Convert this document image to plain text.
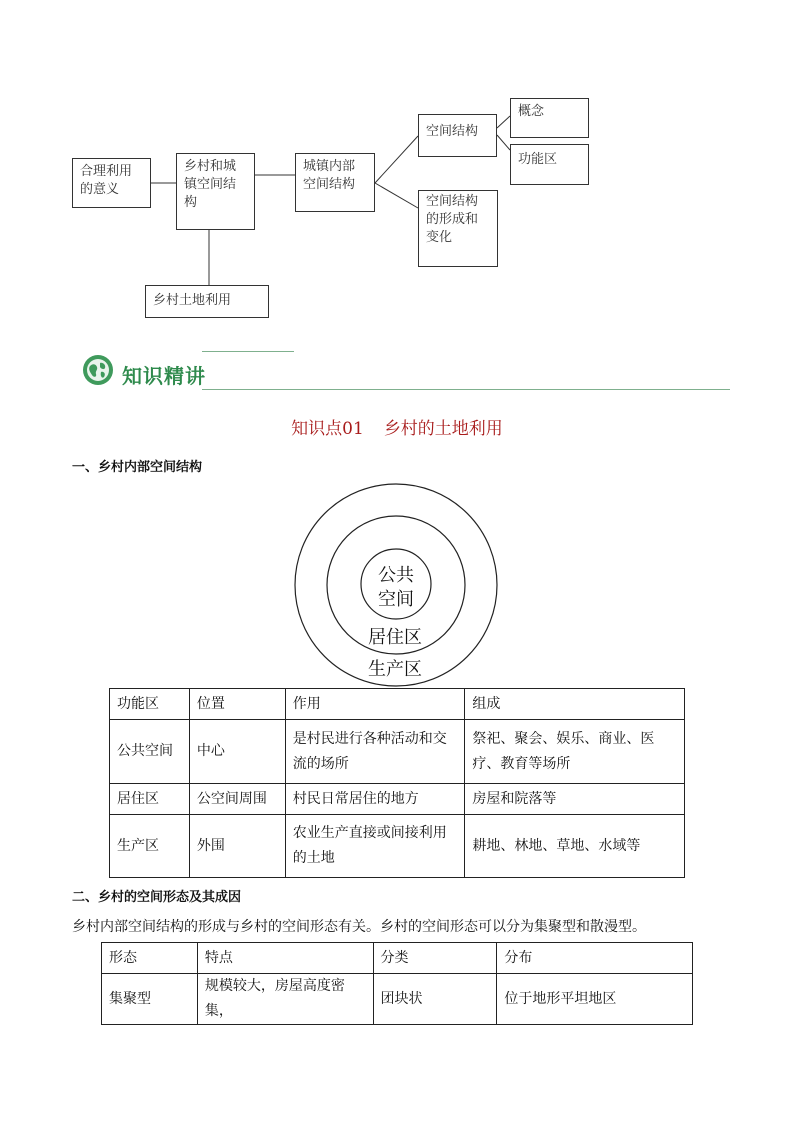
合理利用的意义
乡村和城镇空间结构
城镇内部空间结构
空间结构
概念
功能区
空间结构的形成和变化
乡村土地利用
知识精讲
知识点01 乡村的土地利用
一、乡村内部空间结构
公共
空间
居住区
生产区
功能区	位置	作用	组成
公共空间	中心	是村民进行各种活动和交流的场所	祭祀、聚会、娱乐、商业、医疗、教育等场所
居住区	公空间周围	村民日常居住的地方	房屋和院落等
生产区	外围	农业生产直接或间接利用的土地	耕地、林地、草地、水域等
二、乡村的空间形态及其成因
乡村内部空间结构的形成与乡村的空间形态有关。乡村的空间形态可以分为集聚型和散漫型。
形态	特点	分类	分布
集聚型	规模较大，房屋高度密集，	团块状	位于地形平坦地区
